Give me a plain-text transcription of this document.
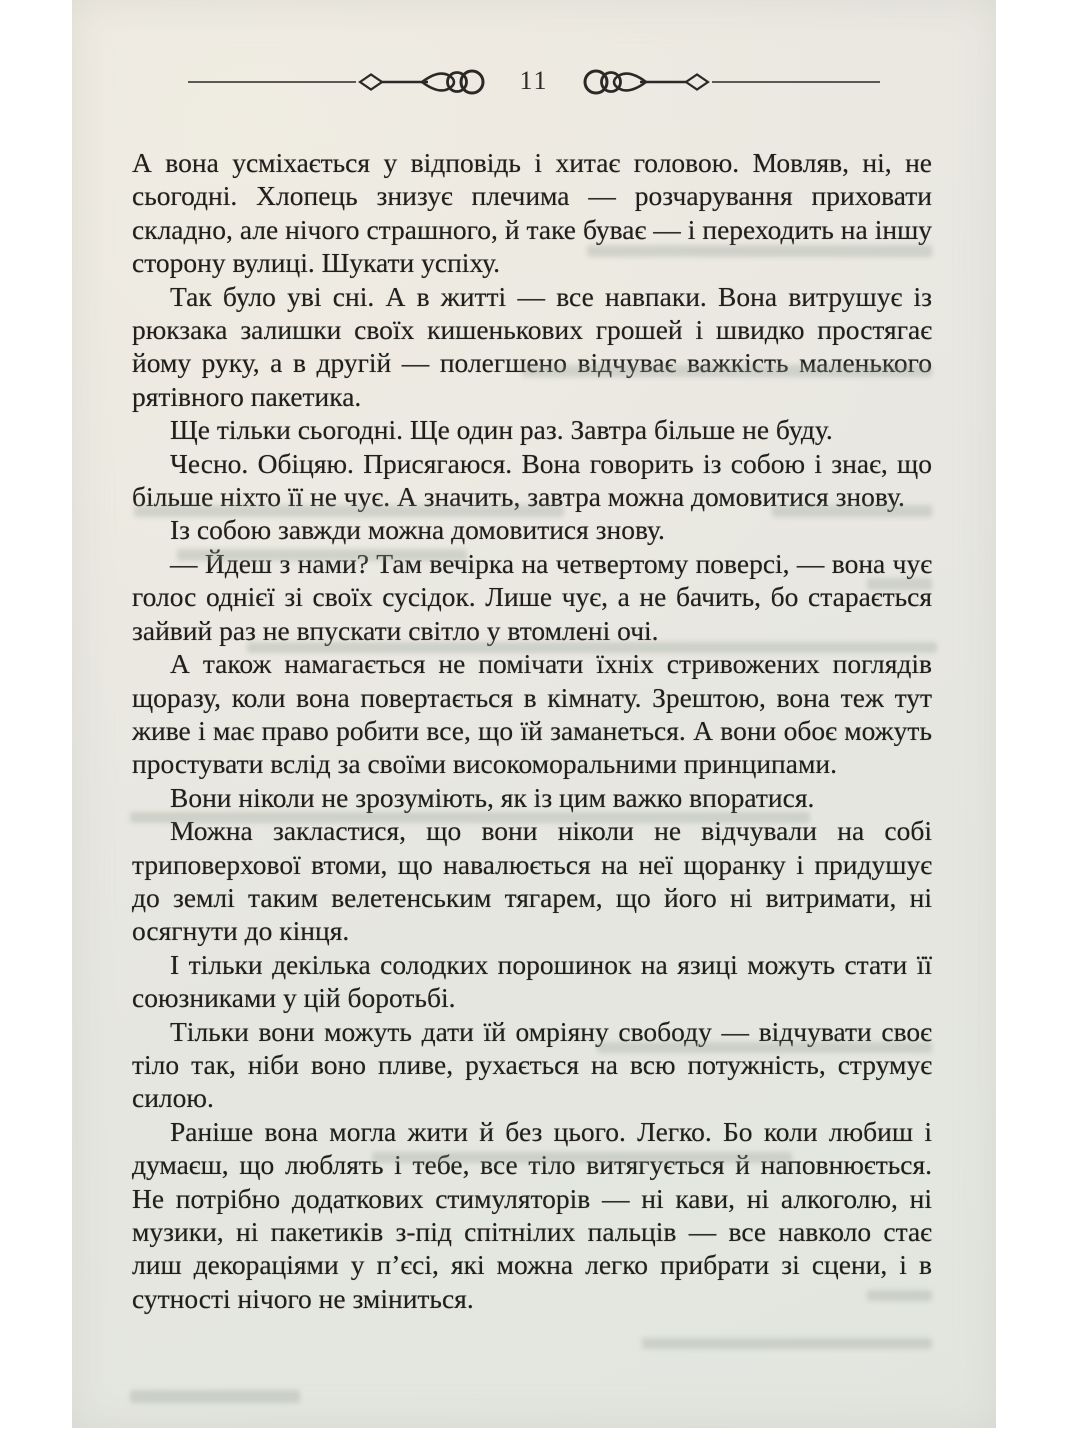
11

А вона усміхається у відповідь і хитає головою. Мовляв, ні, не сьогодні. Хлопець знизує плечима — розчарування приховати складно, але нічого страшного, й таке буває — і переходить на іншу сторону вулиці. Шукати успіху.

Так було уві сні. А в житті — все навпаки. Вона витрушує із рюкзака залишки своїх кишенькових грошей і швидко простягає йому руку, а в другій — полегшено відчуває важкість маленького рятівного пакетика.

Ще тільки сьогодні. Ще один раз. Завтра більше не буду.

Чесно. Обіцяю. Присягаюся. Вона говорить із собою і знає, що більше ніхто її не чує. А значить, завтра можна домовитися знову.

Із собою завжди можна домовитися знову.

— Йдеш з нами? Там вечірка на четвертому поверсі, — вона чує голос однієї зі своїх сусідок. Лише чує, а не бачить, бо старається зайвий раз не впускати світло у втомлені очі.

А також намагається не помічати їхніх стривожених поглядів щоразу, коли вона повертається в кімнату. Зрештою, вона теж тут живе і має право робити все, що їй заманеться. А вони обоє можуть простувати вслід за своїми високоморальними принципами.

Вони ніколи не зрозуміють, як із цим важко впоратися.

Можна закластися, що вони ніколи не відчували на собі триповерхової втоми, що навалюється на неї щоранку і придушує до землі таким велетенським тягарем, що його ні витримати, ні осягнути до кінця.

І тільки декілька солодких порошинок на язиці можуть стати її союзниками у цій боротьбі.

Тільки вони можуть дати їй омріяну свободу — відчувати своє тіло так, ніби воно пливе, рухається на всю потужність, струмує силою.

Раніше вона могла жити й без цього. Легко. Бо коли любиш і думаєш, що люблять і тебе, все тіло витягується й наповнюється. Не потрібно додаткових стимуляторів — ні кави, ні алкоголю, ні музики, ні пакетиків з-під спітнілих пальців — все навколо стає лиш декораціями у п’єсі, які можна легко прибрати зі сцени, і в сутності нічого не зміниться.
